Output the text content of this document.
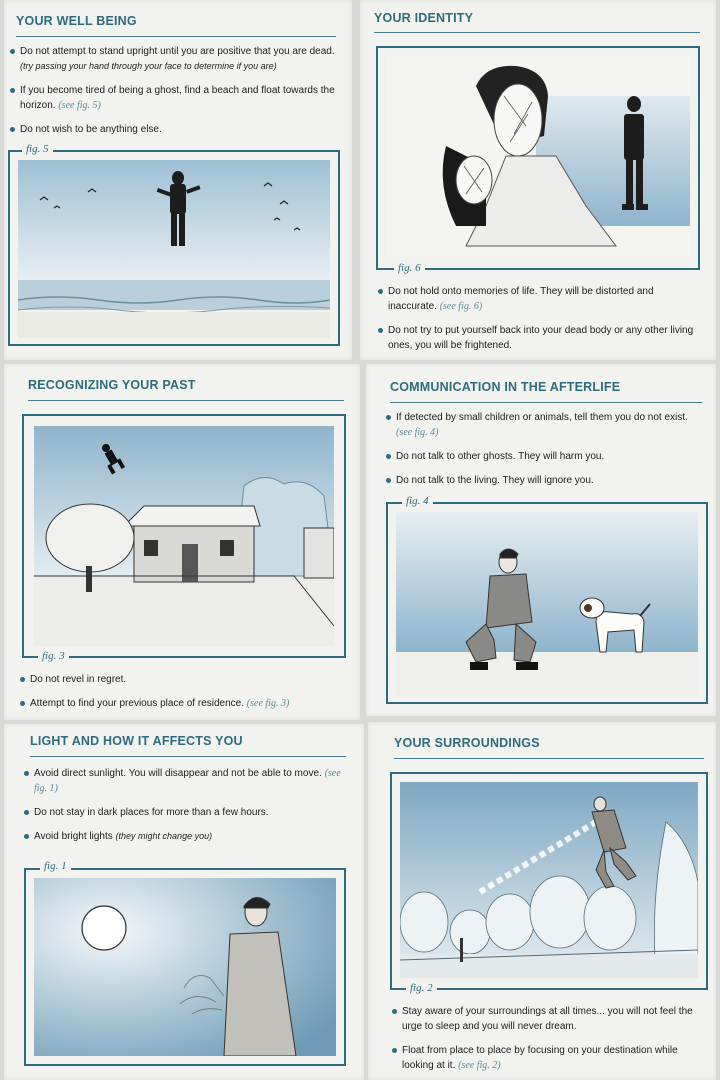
YOUR WELL BEING
Do not attempt to stand upright until you are positive that you are dead. (try passing your hand through your face to determine if you are)
If you become tired of being a ghost, find a beach and float towards the horizon. (see fig. 5)
Do not wish to be anything else.
fig. 5
YOUR IDENTITY
fig. 6
Do not hold onto memories of life. They will be distorted and inaccurate. (see fig. 6)
Do not try to put yourself back into your dead body or any other living ones, you will be frightened.
RECOGNIZING YOUR PAST
fig. 3
Do not revel in regret.
Attempt to find your previous place of residence. (see fig. 3)
COMMUNICATION IN THE AFTERLIFE
If detected by small children or animals, tell them you do not exist. (see fig. 4)
Do not talk to other ghosts. They will harm you.
Do not talk to the living. They will ignore you.
fig. 4
LIGHT AND HOW IT AFFECTS YOU
Avoid direct sunlight. You will disappear and not be able to move. (see fig. 1)
Do not stay in dark places for more than a few hours.
Avoid bright lights (they might change you)
fig. 1
YOUR SURROUNDINGS
fig. 2
Stay aware of your surroundings at all times... you will not feel the urge to sleep and you will never dream.
Float from place to place by focusing on your destination while looking at it. (see fig. 2)
